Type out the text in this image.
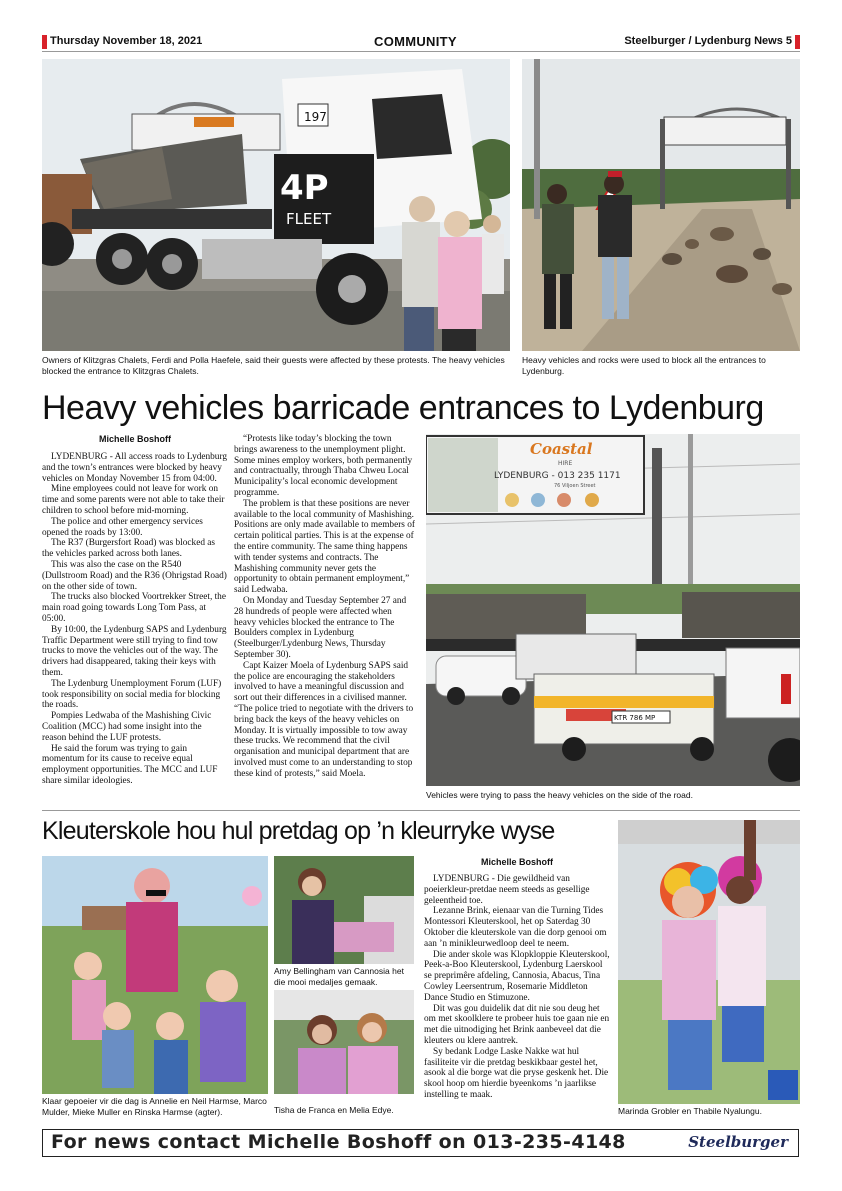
Thursday November 18, 2021	COMMUNITY	Steelburger / Lydenburg News 5
197
4P
FLEET
Owners of Klitzgras Chalets, Ferdi and Polla Haefele, said their guests were affected by these protests. The heavy vehicles blocked the entrance to Klitzgras Chalets.
Heavy vehicles and rocks were used to block all the entrances to Lydenburg.
Heavy vehicles barricade entrances to Lydenburg
Michelle Boshoff

LYDENBURG - All access roads to Lydenburg and the town’s entrances were blocked by heavy vehicles on Monday November 15 from 04:00.

Mine employees could not leave for work on time and some parents were not able to take their children to school before mid-morning.

The police and other emergency services opened the roads by 13:00.

The R37 (Burgersfort Road) was blocked as the vehicles parked across both lanes.

This was also the case on the R540 (Dullstroom Road) and the R36 (Ohrigstad Road) on the other side of town.

The trucks also blocked Voortrekker Street, the main road going towards Long Tom Pass, at 05:00.

By 10:00, the Lydenburg SAPS and Lydenburg Traffic Department were still trying to find tow trucks to move the vehicles out of the way. The drivers had disappeared, taking their keys with them.

The Lydenburg Unemployment Forum (LUF) took responsibility on social media for blocking the roads.

Pompies Ledwaba of the Mashishing Civic Coalition (MCC) had some insight into the reason behind the LUF protests.

He said the forum was trying to gain momentum for its cause to receive equal employment opportunities. The MCC and LUF share similar ideologies.

“Protests like today’s blocking the town brings awareness to the unemployment plight. Some mines employ workers, both permanently and contractually, through Thaba Chweu Local Municipality’s local economic development programme.

The problem is that these positions are never available to the local community of Mashishing. Positions are only made available to members of certain political parties. This is at the expense of the entire community. The same thing happens with tender systems and contracts. The Mashishing community never gets the opportunity to obtain permanent employment,” said Ledwaba.

On Monday and Tuesday September 27 and 28 hundreds of people were affected when heavy vehicles blocked the entrance to The Boulders complex in Lydenburg (Steelburger/Lydenburg News, Thursday September 30).

Capt Kaizer Moela of Lydenburg SAPS said the police are encouraging the stakeholders involved to have a meaningful discussion and sort out their differences in a civilised manner. “The police tried to negotiate with the drivers to bring back the keys of the heavy vehicles on Monday. It is virtually impossible to tow away these trucks. We recommend that the civil organisation and municipal department that are involved must come to an understanding to stop these kind of protests,” said Moela.

Coastal
HIRE
LYDENBURG - 013 235 1171
76 Viljoen Street
KTR 786 MP
Vehicles were trying to pass the heavy vehicles on the side of the road.
Kleuterskole hou hul pretdag op ’n kleurryke wyse
Klaar gepoeier vir die dag is Annelie en Neil Harmse, Marco Mulder, Mieke Muller en Rinska Harmse (agter).
Amy Bellingham van Cannosia het die mooi medaljes gemaak.
Tisha de Franca en Melia Edye.
Michelle Boshoff

LYDENBURG - Die gewildheid van poeierkleur-pretdae neem steeds as gesellige geleentheid toe.

Lezanne Brink, eienaar van die Turning Tides Montessori Kleuterskool, het op Saterdag 30 Oktober die kleuterskole van die dorp genooi om aan ’n minikleurwedloop deel te neem.

Die ander skole was Klopkloppie Kleuterskool, Peek-a-Boo Kleuterskool, Lydenburg Laerskool se preprimêre afdeling, Cannosia, Abacus, Tina Cowley Leersentrum, Rosemarie Middleton Dance Studio en Stimuzone.

Dit was gou duidelik dat dit nie sou deug het om met skoolklere te probeer huis toe gaan nie en met die uitnodiging het Brink aanbeveel dat die kleuters ou klere aantrek.

Sy bedank Lodge Laske Nakke wat hul fasiliteite vir die pretdag beskikbaar gestel het, asook al die borge wat die pryse geskenk het. Die skool hoop om hierdie byeenkoms ’n jaarlikse instelling te maak.

Marinda Grobler en Thabile Nyalungu.
For news contact Michelle Boshoff on 013-235-4148	Steelburger
